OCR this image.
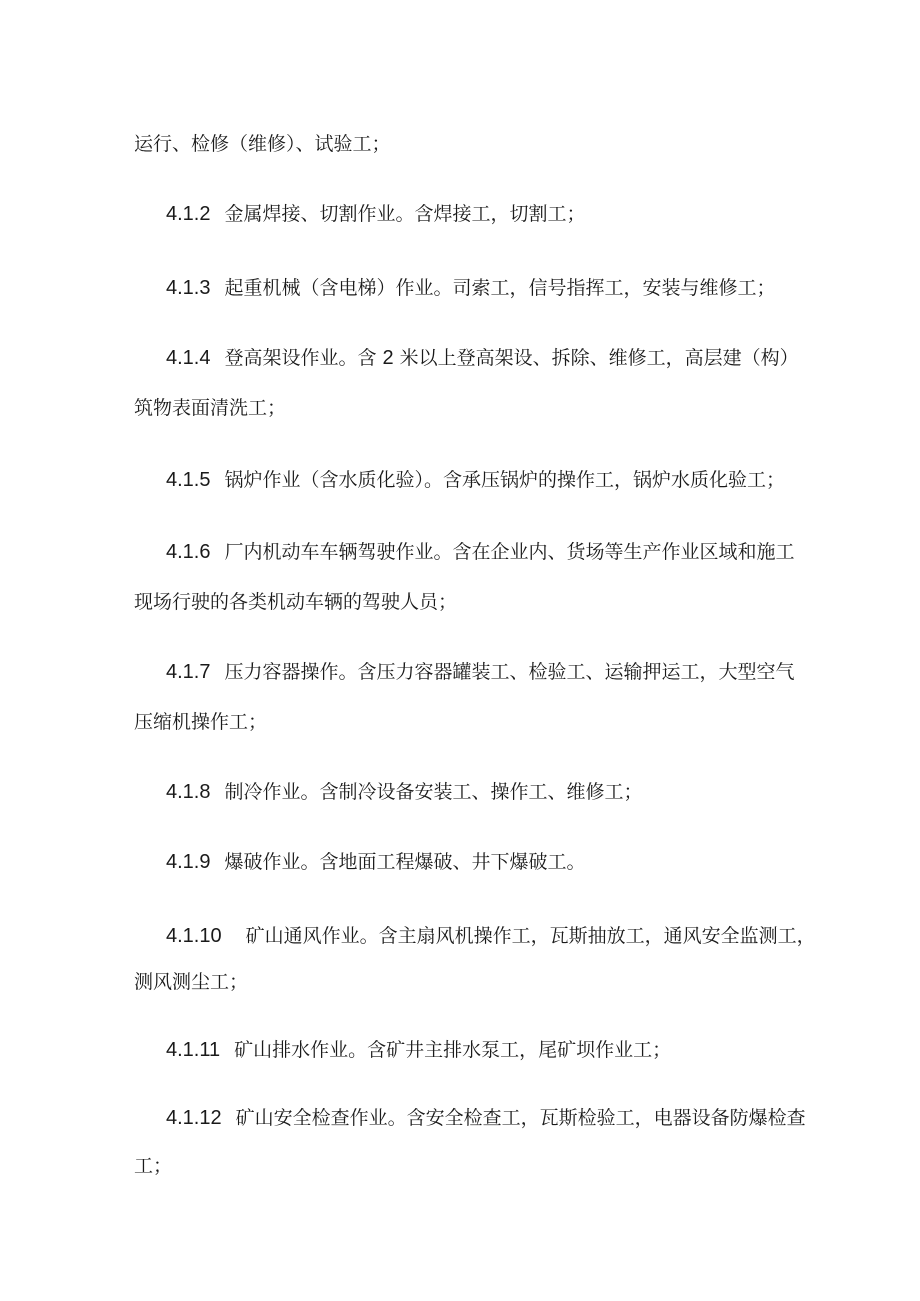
运行、检修（维修）、试验工；
4.1.2 金属焊接、切割作业。含焊接工，切割工；
4.1.3 起重机械（含电梯）作业。司索工，信号指挥工，安装与维修工；
4.1.4 登高架设作业。含 2 米以上登高架设、拆除、维修工，高层建（构）
筑物表面清洗工；
4.1.5 锅炉作业（含水质化验）。含承压锅炉的操作工，锅炉水质化验工；
4.1.6 厂内机动车车辆驾驶作业。含在企业内、货场等生产作业区域和施工
现场行驶的各类机动车辆的驾驶人员；
4.1.7 压力容器操作。含压力容器罐装工、检验工、运输押运工，大型空气
压缩机操作工；
4.1.8 制冷作业。含制冷设备安装工、操作工、维修工；
4.1.9 爆破作业。含地面工程爆破、井下爆破工。
4.1.10 矿山通风作业。含主扇风机操作工，瓦斯抽放工，通风安全监测工，
测风测尘工；
4.1.11 矿山排水作业。含矿井主排水泵工，尾矿坝作业工；
4.1.12 矿山安全检查作业。含安全检查工，瓦斯检验工，电器设备防爆检查
工；
